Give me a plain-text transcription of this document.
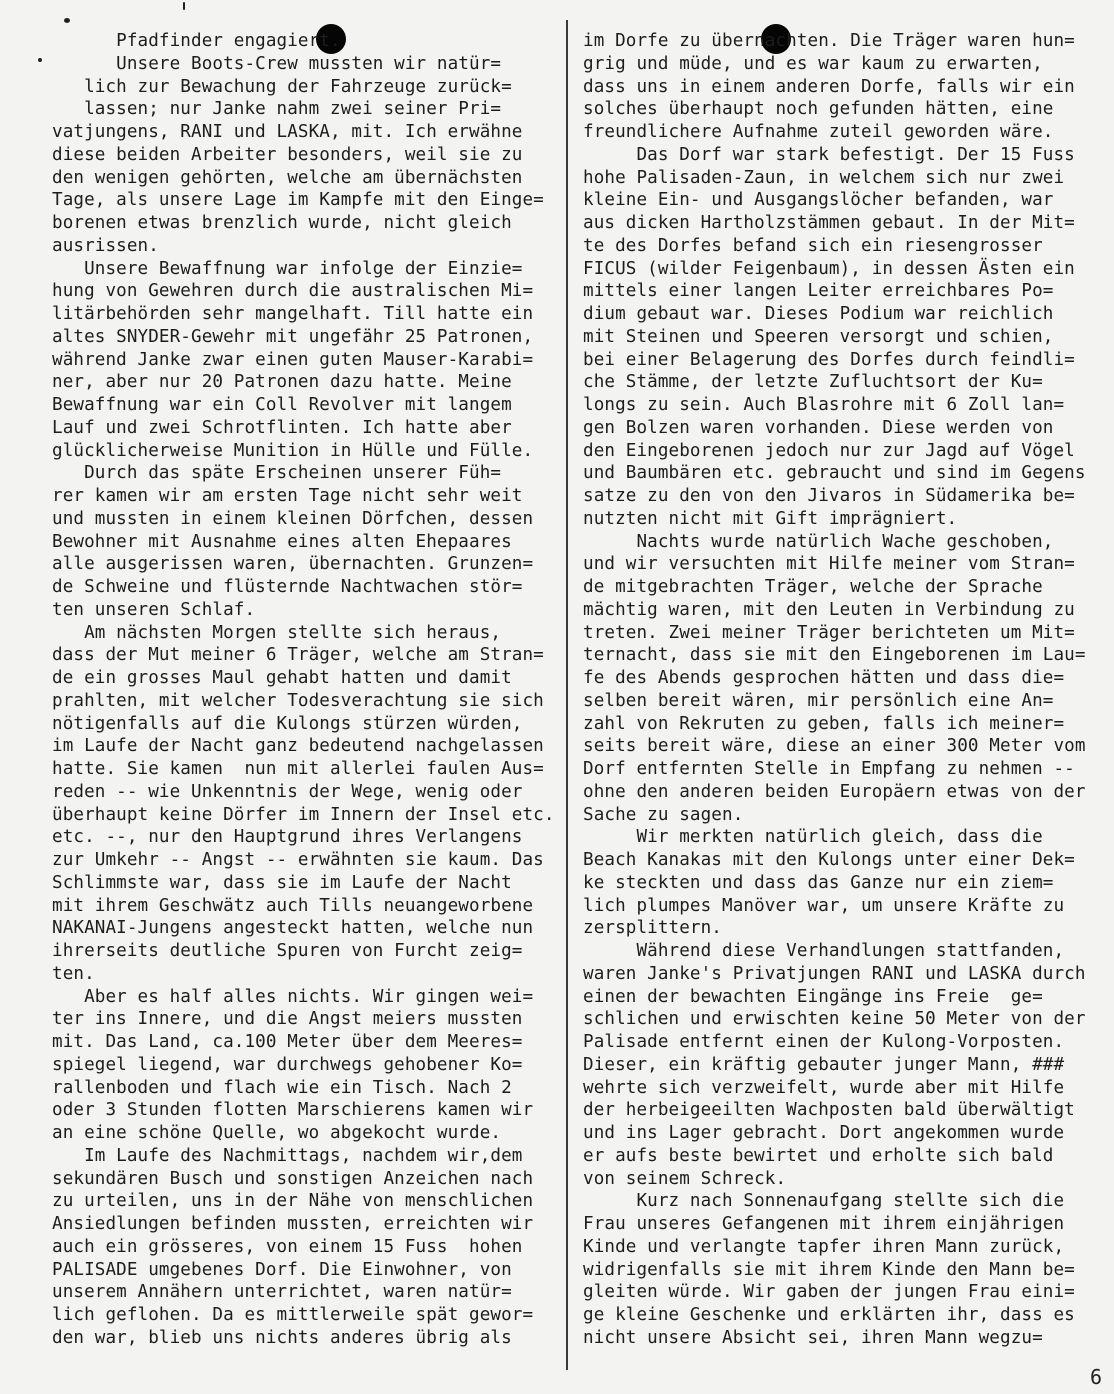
Pfadfinder engagiert.
Unsere Boots-Crew mussten wir natür=
lich zur Bewachung der Fahrzeuge zurück=
lassen; nur Janke nahm zwei seiner Pri=
vatjungens, RANI und LASKA, mit. Ich erwähne
diese beiden Arbeiter besonders, weil sie zu
den wenigen gehörten, welche am übernächsten
Tage, als unsere Lage im Kampfe mit den Einge=
borenen etwas brenzlich wurde, nicht gleich
ausrissen.
Unsere Bewaffnung war infolge der Einzie=
hung von Gewehren durch die australischen Mi=
litärbehörden sehr mangelhaft. Till hatte ein
altes SNYDER-Gewehr mit ungefähr 25 Patronen,
während Janke zwar einen guten Mauser-Karabi=
ner, aber nur 20 Patronen dazu hatte. Meine
Bewaffnung war ein Coll Revolver mit langem
Lauf und zwei Schrotflinten. Ich hatte aber
glücklicherweise Munition in Hülle und Fülle.
Durch das späte Erscheinen unserer Füh=
rer kamen wir am ersten Tage nicht sehr weit
und mussten in einem kleinen Dörfchen, dessen
Bewohner mit Ausnahme eines alten Ehepaares
alle ausgerissen waren, übernachten. Grunzen=
de Schweine und flüsternde Nachtwachen stör=
ten unseren Schlaf.
Am nächsten Morgen stellte sich heraus,
dass der Mut meiner 6 Träger, welche am Stran=
de ein grosses Maul gehabt hatten und damit
prahlten, mit welcher Todesverachtung sie sich
nötigenfalls auf die Kulongs stürzen würden,
im Laufe der Nacht ganz bedeutend nachgelassen
hatte. Sie kamen  nun mit allerlei faulen Aus=
reden -- wie Unkenntnis der Wege, wenig oder
überhaupt keine Dörfer im Innern der Insel etc.
etc. --, nur den Hauptgrund ihres Verlangens
zur Umkehr -- Angst -- erwähnten sie kaum. Das
Schlimmste war, dass sie im Laufe der Nacht
mit ihrem Geschwätz auch Tills neuangeworbene
NAKANAI-Jungens angesteckt hatten, welche nun
ihrerseits deutliche Spuren von Furcht zeig=
ten.
Aber es half alles nichts. Wir gingen wei=
ter ins Innere, und die Angst meiers mussten
mit. Das Land, ca.100 Meter über dem Meeres=
spiegel liegend, war durchwegs gehobener Ko=
rallenboden und flach wie ein Tisch. Nach 2
oder 3 Stunden flotten Marschierens kamen wir
an eine schöne Quelle, wo abgekocht wurde.
Im Laufe des Nachmittags, nachdem wir,dem
sekundären Busch und sonstigen Anzeichen nach
zu urteilen, uns in der Nähe von menschlichen
Ansiedlungen befinden mussten, erreichten wir
auch ein grösseres, von einem 15 Fuss  hohen
PALISADE umgebenes Dorf. Die Einwohner, von
unserem Annähern unterrichtet, waren natür=
lich geflohen. Da es mittlerweile spät gewor=
den war, blieb uns nichts anderes übrig als
im Dorfe zu übernachten. Die Träger waren hun=
grig und müde, und es war kaum zu erwarten,
dass uns in einem anderen Dorfe, falls wir ein
solches überhaupt noch gefunden hätten, eine
freundlichere Aufnahme zuteil geworden wäre.
Das Dorf war stark befestigt. Der 15 Fuss
hohe Palisaden-Zaun, in welchem sich nur zwei
kleine Ein- und Ausgangslöcher befanden, war
aus dicken Hartholzstämmen gebaut. In der Mit=
te des Dorfes befand sich ein riesengrosser
FICUS (wilder Feigenbaum), in dessen Ästen ein
mittels einer langen Leiter erreichbares Po=
dium gebaut war. Dieses Podium war reichlich
mit Steinen und Speeren versorgt und schien,
bei einer Belagerung des Dorfes durch feindli=
che Stämme, der letzte Zufluchtsort der Ku=
longs zu sein. Auch Blasrohre mit 6 Zoll lan=
gen Bolzen waren vorhanden. Diese werden von
den Eingeborenen jedoch nur zur Jagd auf Vögel
und Baumbären etc. gebraucht und sind im Gegens
satze zu den von den Jivaros in Südamerika be=
nutzten nicht mit Gift imprägniert.
Nachts wurde natürlich Wache geschoben,
und wir versuchten mit Hilfe meiner vom Stran=
de mitgebrachten Träger, welche der Sprache
mächtig waren, mit den Leuten in Verbindung zu
treten. Zwei meiner Träger berichteten um Mit=
ternacht, dass sie mit den Eingeborenen im Lau=
fe des Abends gesprochen hätten und dass die=
selben bereit wären, mir persönlich eine An=
zahl von Rekruten zu geben, falls ich meiner=
seits bereit wäre, diese an einer 300 Meter vom
Dorf entfernten Stelle in Empfang zu nehmen --
ohne den anderen beiden Europäern etwas von der
Sache zu sagen.
Wir merkten natürlich gleich, dass die
Beach Kanakas mit den Kulongs unter einer Dek=
ke steckten und dass das Ganze nur ein ziem=
lich plumpes Manöver war, um unsere Kräfte zu
zersplittern.
Während diese Verhandlungen stattfanden,
waren Janke's Privatjungen RANI und LASKA durch
einen der bewachten Eingänge ins Freie  ge=
schlichen und erwischten keine 50 Meter von der
Palisade entfernt einen der Kulong-Vorposten.
Dieser, ein kräftig gebauter junger Mann, ###
wehrte sich verzweifelt, wurde aber mit Hilfe
der herbeigeeilten Wachposten bald überwältigt
und ins Lager gebracht. Dort angekommen wurde
er aufs beste bewirtet und erholte sich bald
von seinem Schreck.
Kurz nach Sonnenaufgang stellte sich die
Frau unseres Gefangenen mit ihrem einjährigen
Kinde und verlangte tapfer ihren Mann zurück,
widrigenfalls sie mit ihrem Kinde den Mann be=
gleiten würde. Wir gaben der jungen Frau eini=
ge kleine Geschenke und erklärten ihr, dass es
nicht unsere Absicht sei, ihren Mann wegzu=
6
